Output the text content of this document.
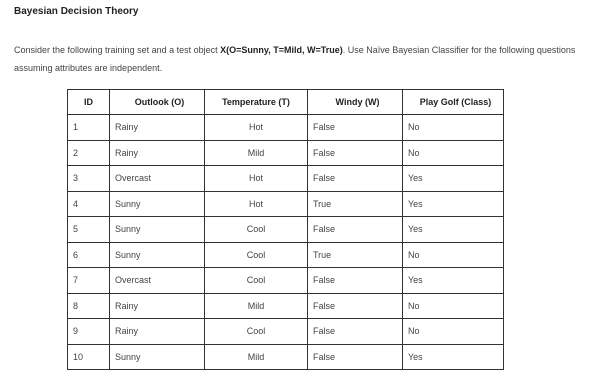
Bayesian Decision Theory
Consider the following training set and a test object X(O=Sunny, T=Mild, W=True). Use Naïve Bayesian Classifier for the following questions assuming attributes are independent.
ID	Outlook (O)	Temperature (T)	Windy (W)	Play Golf (Class)
1	Rainy	Hot	False	No
2	Rainy	Mild	False	No
3	Overcast	Hot	False	Yes
4	Sunny	Hot	True	Yes
5	Sunny	Cool	False	Yes
6	Sunny	Cool	True	No
7	Overcast	Cool	False	Yes
8	Rainy	Mild	False	No
9	Rainy	Cool	False	No
10	Sunny	Mild	False	Yes
